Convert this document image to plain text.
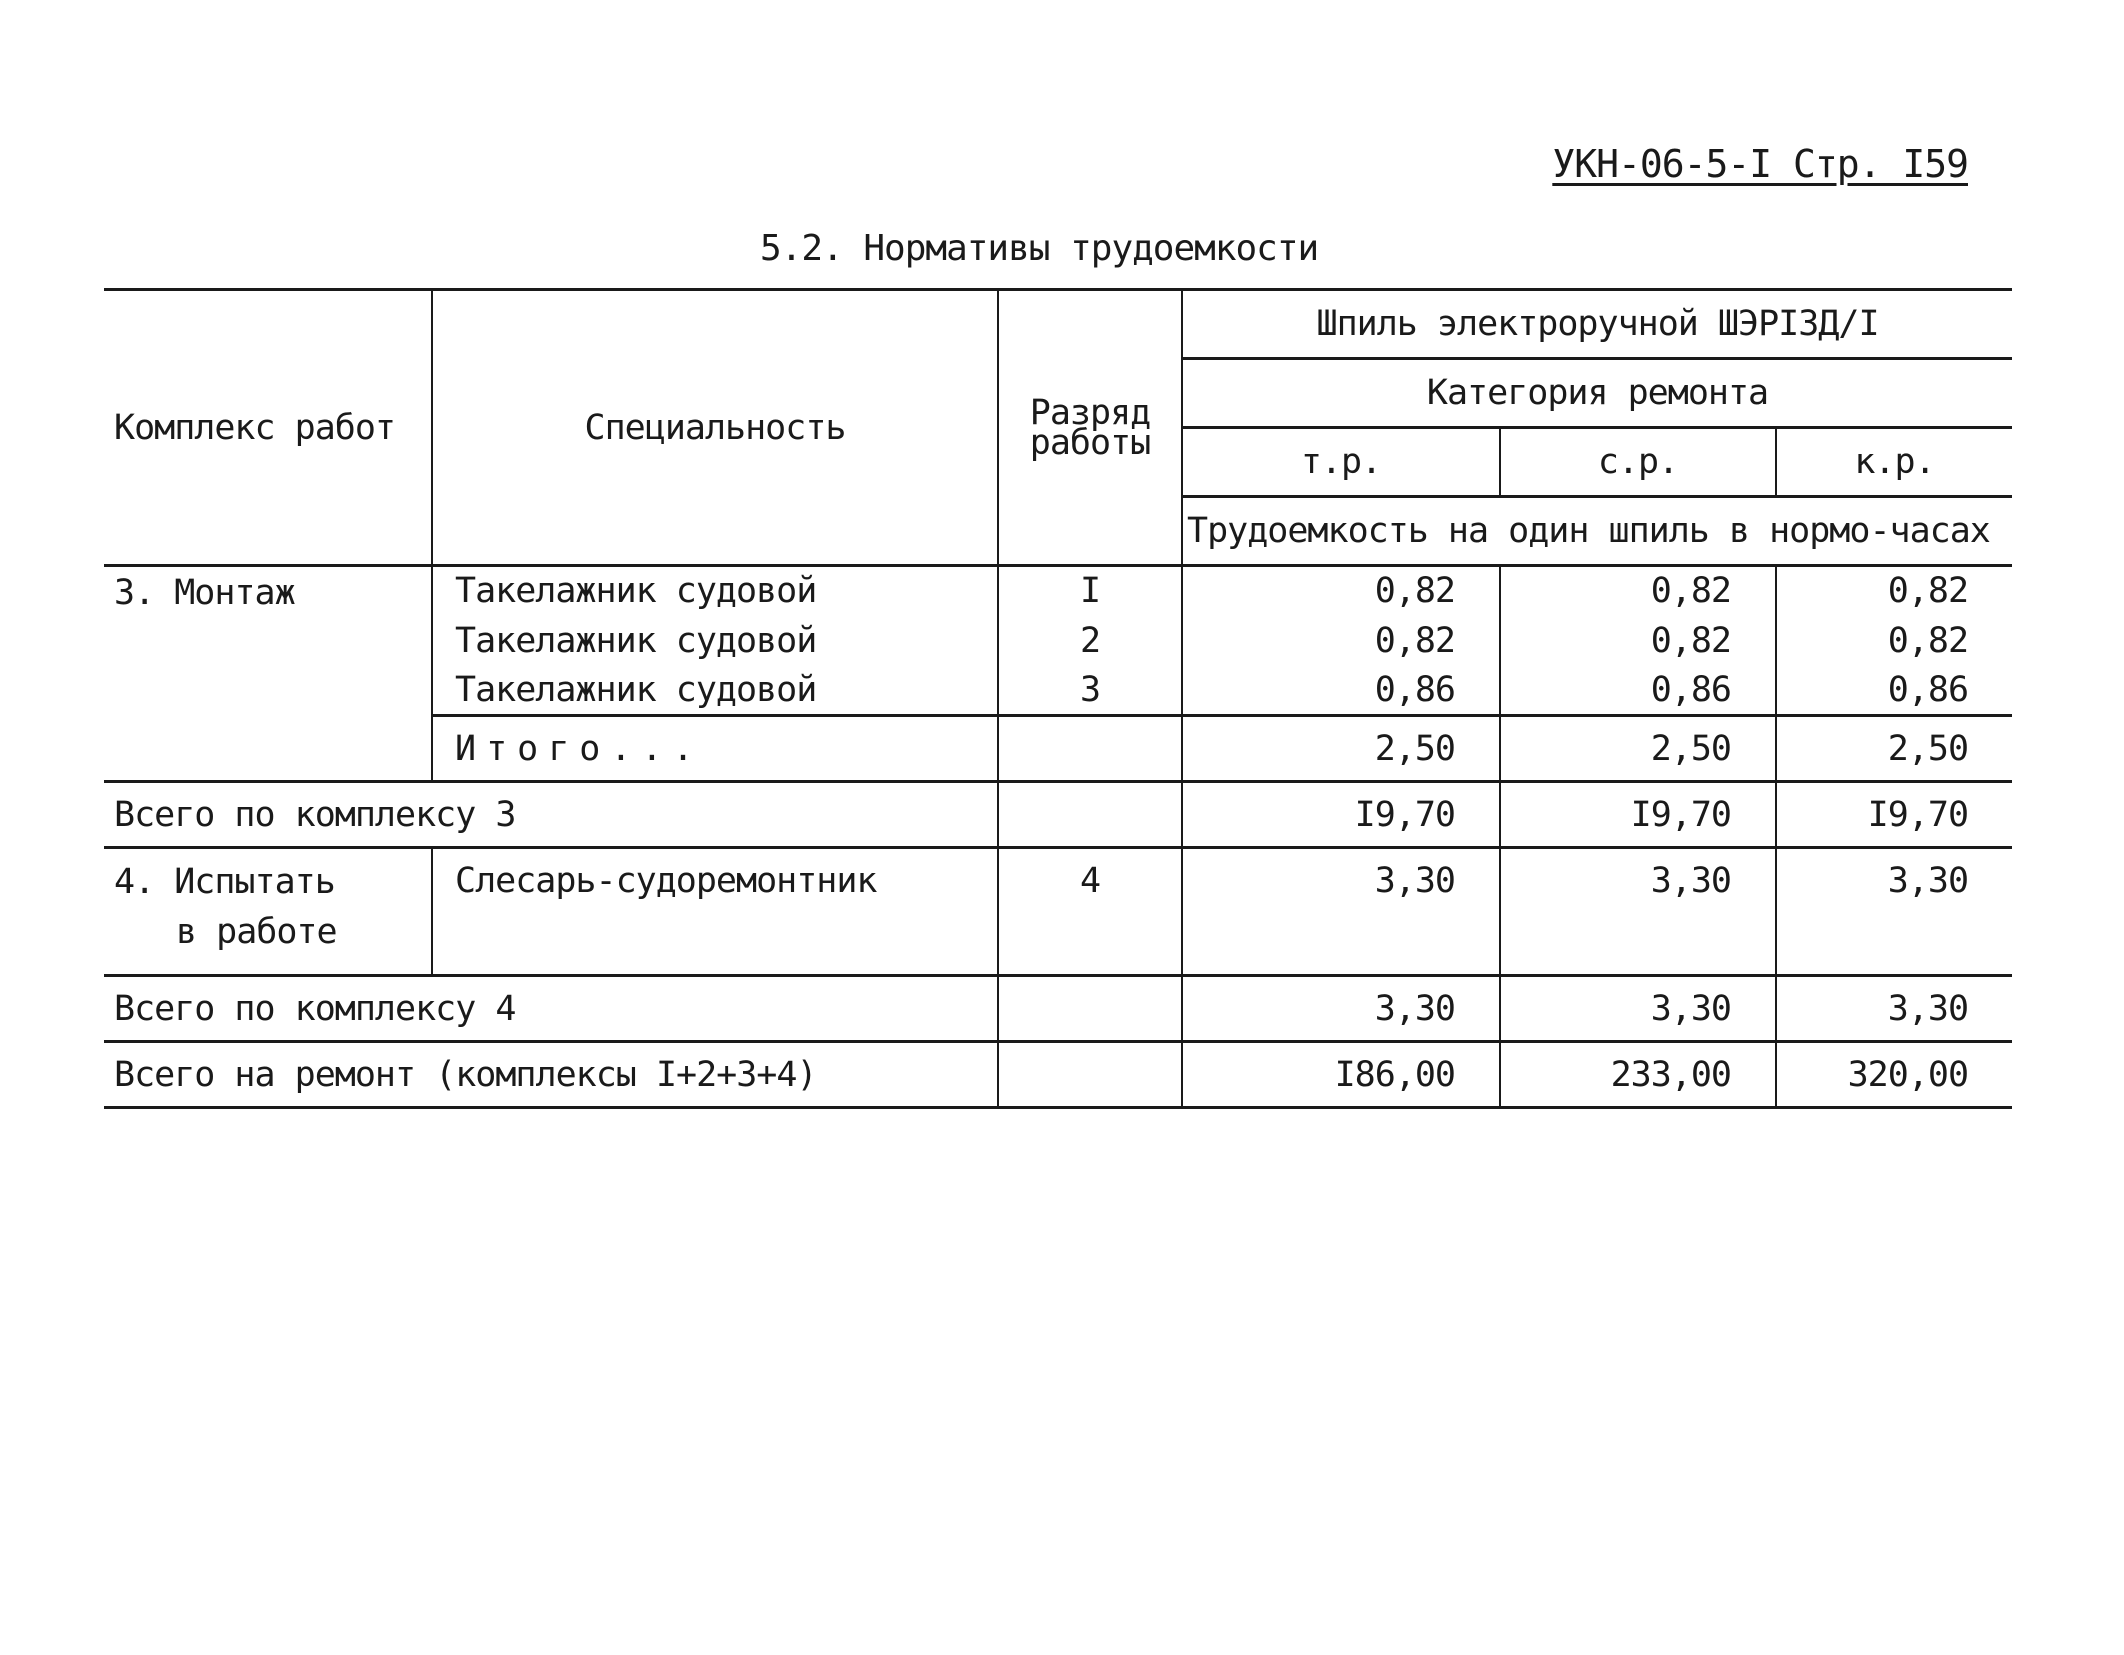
УКН-06-5-I Стр. I59
5.2. Нормативы трудоемкости
Комплекс работ	Специальность	Разряд работы	Шпиль электроручной ШЭРI3Д/I		
			Категория ремонта		
			т.р.	с.р.	к.р.
			Трудоемкость на один шпиль в нормо-часах		
3. Монтаж	Такелажник судовой	I	0,82	0,82	0,82
	Такелажник судовой	2	0,82	0,82	0,82
	Такелажник судовой	3	0,86	0,86	0,86
	Итого...		2,50	2,50	2,50
Всего по комплексу 3			I9,70	I9,70	I9,70
4. Испытать
в работе	Слесарь-судоремонтник	4	3,30	3,30	3,30
Всего по комплексу 4			3,30	3,30	3,30
Всего на ремонт (комплексы I+2+3+4)			I86,00	233,00	320,00
